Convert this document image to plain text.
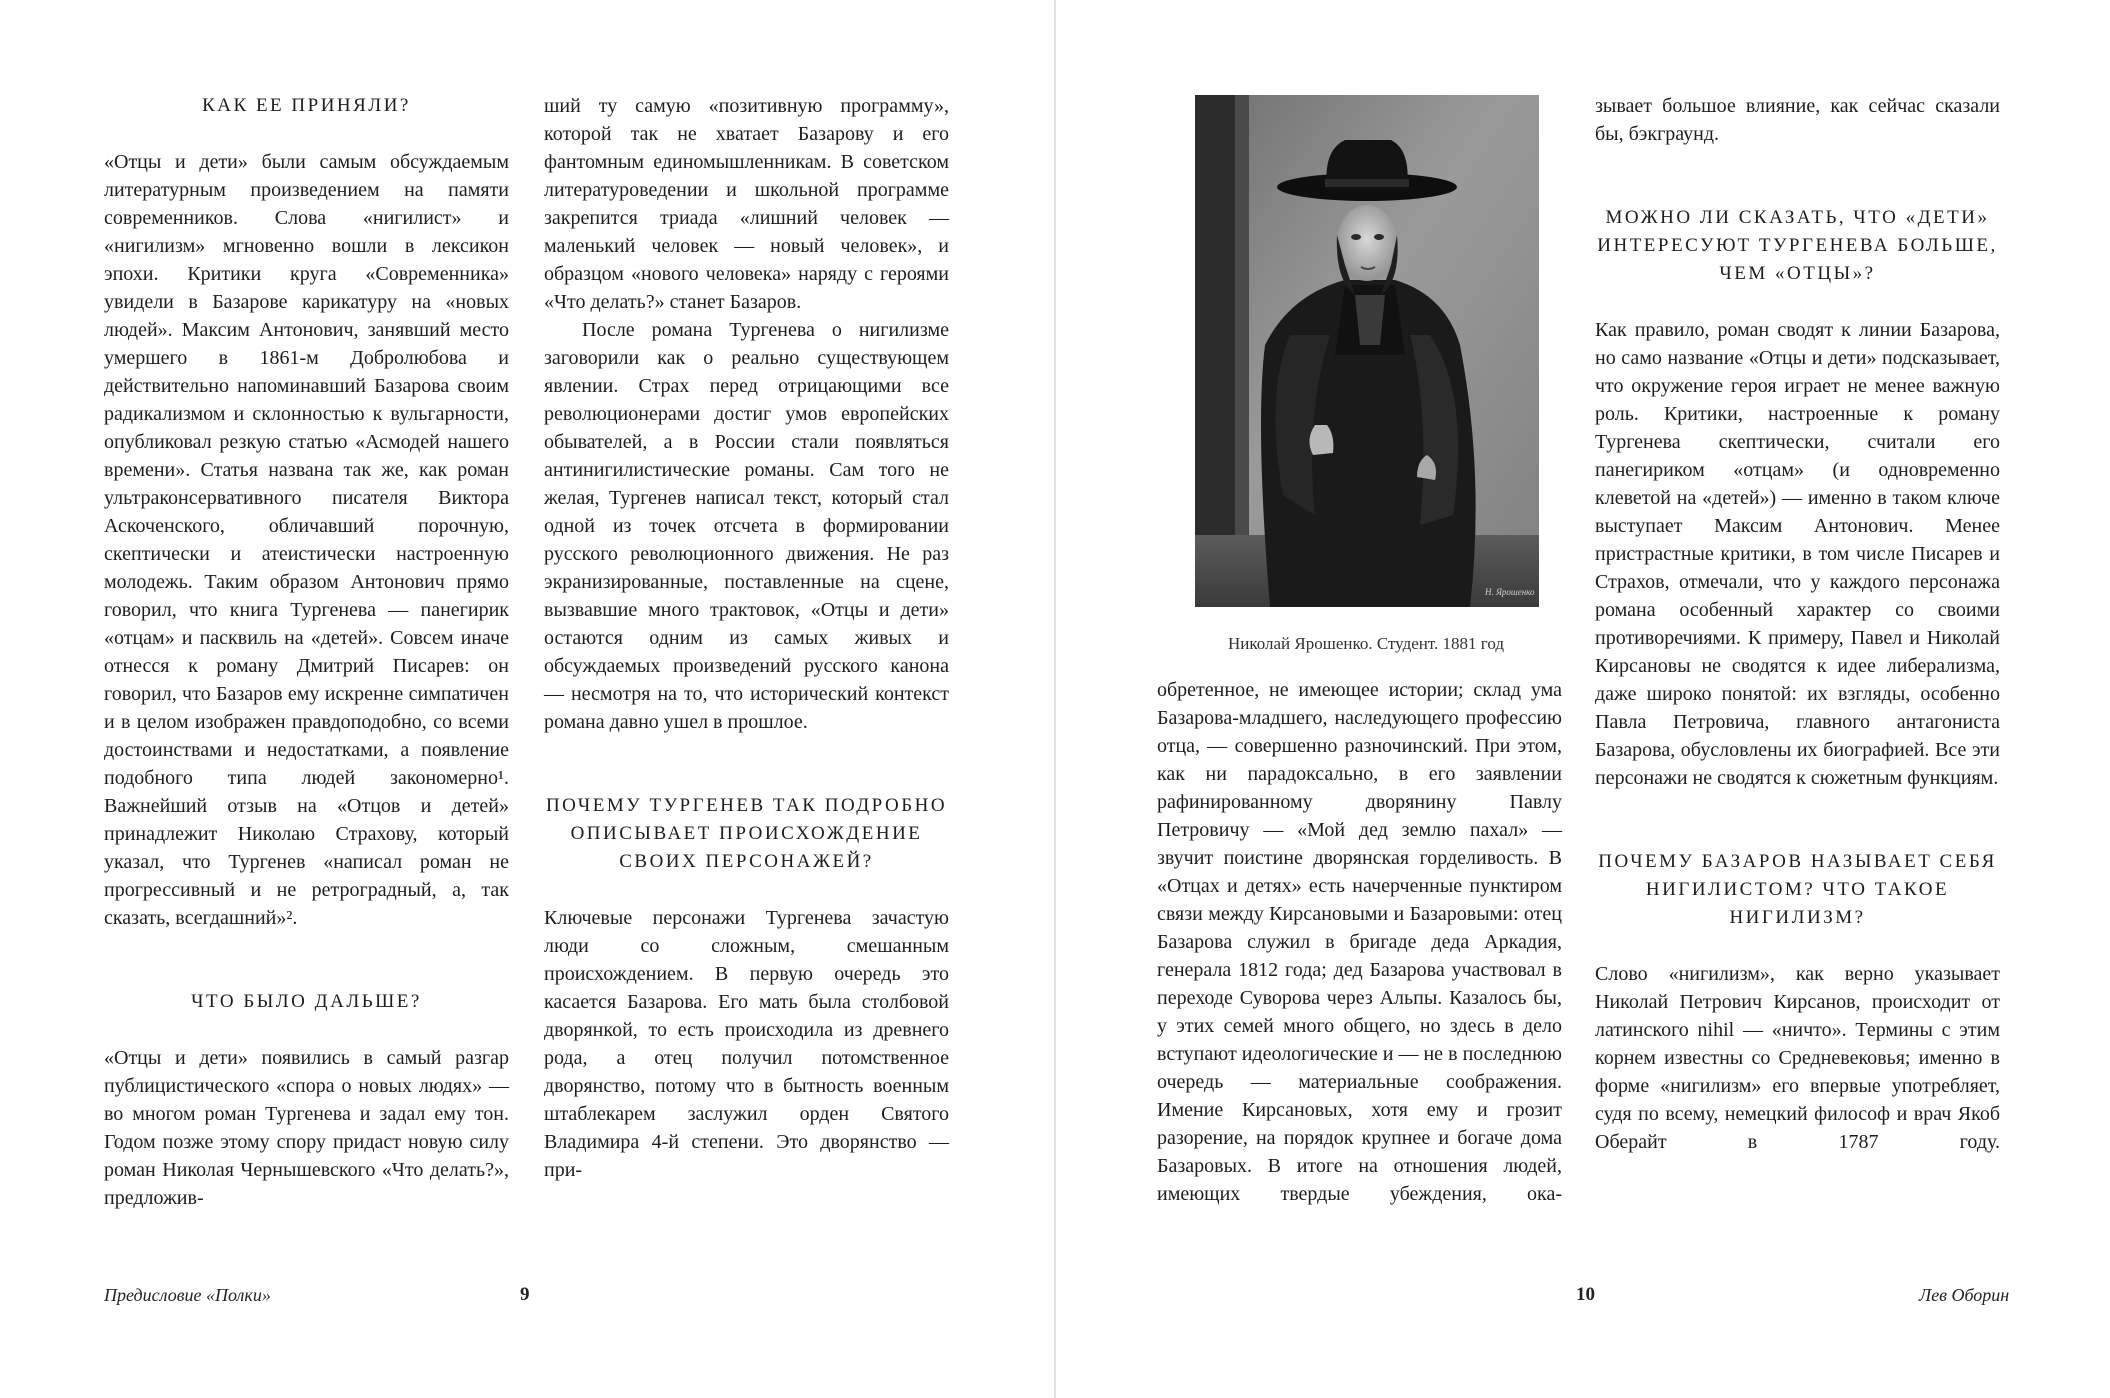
КАК ЕЕ ПРИНЯЛИ?

«Отцы и дети» были самым обсуждаемым литературным произведением на памяти современников. Слова «нигилист» и «нигилизм» мгновенно вошли в лексикон эпохи. Критики круга «Современника» увидели в Базарове карикатуру на «новых людей». Максим Антонович, занявший место умершего в 1861-м Добролюбова и действительно напоминавший Базарова своим радикализмом и склонностью к вульгарности, опубликовал резкую статью «Асмодей нашего времени». Статья названа так же, как роман ультраконсервативного писателя Виктора Аскоченского, обличавший порочную, скептически и атеистически настроенную молодежь. Таким образом Антонович прямо говорил, что книга Тургенева — панегирик «отцам» и пасквиль на «детей». Совсем иначе отнесся к роману Дмитрий Писарев: он говорил, что Базаров ему искренне симпатичен и в целом изображен правдоподобно, со всеми достоинствами и недостатками, а появление подобного типа людей закономерно¹. Важнейший отзыв на «Отцов и детей» принадлежит Николаю Страхову, который указал, что Тургенев «написал роман не прогрессивный и не ретроградный, а, так сказать, всегдашний»².

ЧТО БЫЛО ДАЛЬШЕ?

«Отцы и дети» появились в самый разгар публицистического «спора о новых людях» — во многом роман Тургенева и задал ему тон. Годом позже этому спору придаст новую силу роман Николая Чернышевского «Что делать?», предложив-

ший ту самую «позитивную программу», которой так не хватает Базарову и его фантомным единомышленникам. В советском литературоведении и школьной программе закрепится триада «лишний человек — маленький человек — новый человек», и образцом «нового человека» наряду с героями «Что делать?» станет Базаров.

После романа Тургенева о нигилизме заговорили как о реально существующем явлении. Страх перед отрицающими все революционерами достиг умов европейских обывателей, а в России стали появляться антинигилистические романы. Сам того не желая, Тургенев написал текст, который стал одной из точек отсчета в формировании русского революционного движения. Не раз экранизированные, поставленные на сцене, вызвавшие много трактовок, «Отцы и дети» остаются одним из самых живых и обсуждаемых произведений русского канона — несмотря на то, что исторический контекст романа давно ушел в прошлое.

ПОЧЕМУ ТУРГЕНЕВ ТАК ПОДРОБНО ОПИСЫВАЕТ ПРОИСХОЖДЕНИЕ СВОИХ ПЕРСОНАЖЕЙ?

Ключевые персонажи Тургенева зачастую люди со сложным, смешанным происхождением. В первую очередь это касается Базарова. Его мать была столбовой дворянкой, то есть происходила из древнего рода, а отец получил потомственное дворянство, потому что в бытность военным штаблекарем заслужил орден Святого Владимира 4-й степени. Это дворянство — при-

Предисловие «Полки»	9
Н. Ярошенко
Николай Ярошенко. Студент. 1881 год

обретенное, не имеющее истории; склад ума Базарова-младшего, наследующего профессию отца, — совершенно разночинский. При этом, как ни парадоксально, в его заявлении рафинированному дворянину Павлу Петровичу — «Мой дед землю пахал» — звучит поистине дворянская горделивость. В «Отцах и детях» есть начерченные пунктиром связи между Кирсановыми и Базаровыми: отец Базарова служил в бригаде деда Аркадия, генерала 1812 года; дед Базарова участвовал в переходе Суворова через Альпы. Казалось бы, у этих семей много общего, но здесь в дело вступают идеологические и — не в последнюю очередь — материальные соображения. Имение Кирсановых, хотя ему и грозит разорение, на порядок крупнее и богаче дома Базаровых. В итоге на отношения людей, имеющих твердые убеждения, ока-

зывает большое влияние, как сейчас сказали бы, бэкграунд.

МОЖНО ЛИ СКАЗАТЬ, ЧТО «ДЕТИ» ИНТЕРЕСУЮТ ТУРГЕНЕВА БОЛЬШЕ, ЧЕМ «ОТЦЫ»?

Как правило, роман сводят к линии Базарова, но само название «Отцы и дети» подсказывает, что окружение героя играет не менее важную роль. Критики, настроенные к роману Тургенева скептически, считали его панегириком «отцам» (и одновременно клеветой на «детей») — именно в таком ключе выступает Максим Антонович. Менее пристрастные критики, в том числе Писарев и Страхов, отмечали, что у каждого персонажа романа особенный характер со своими противоречиями. К примеру, Павел и Николай Кирсановы не сводятся к идее либерализма, даже широко понятой: их взгляды, особенно Павла Петровича, главного антагониста Базарова, обусловлены их биографией. Все эти персонажи не сводятся к сюжетным функциям.

ПОЧЕМУ БАЗАРОВ НАЗЫВАЕТ СЕБЯ НИГИЛИСТОМ? ЧТО ТАКОЕ НИГИЛИЗМ?

Слово «нигилизм», как верно указывает Николай Петрович Кирсанов, происходит от латинского nihil — «ничто». Термины с этим корнем известны со Средневековья; именно в форме «нигилизм» его впервые употребляет, судя по всему, немецкий философ и врач Якоб Оберайт в 1787 году.

10	Лев Оборин
